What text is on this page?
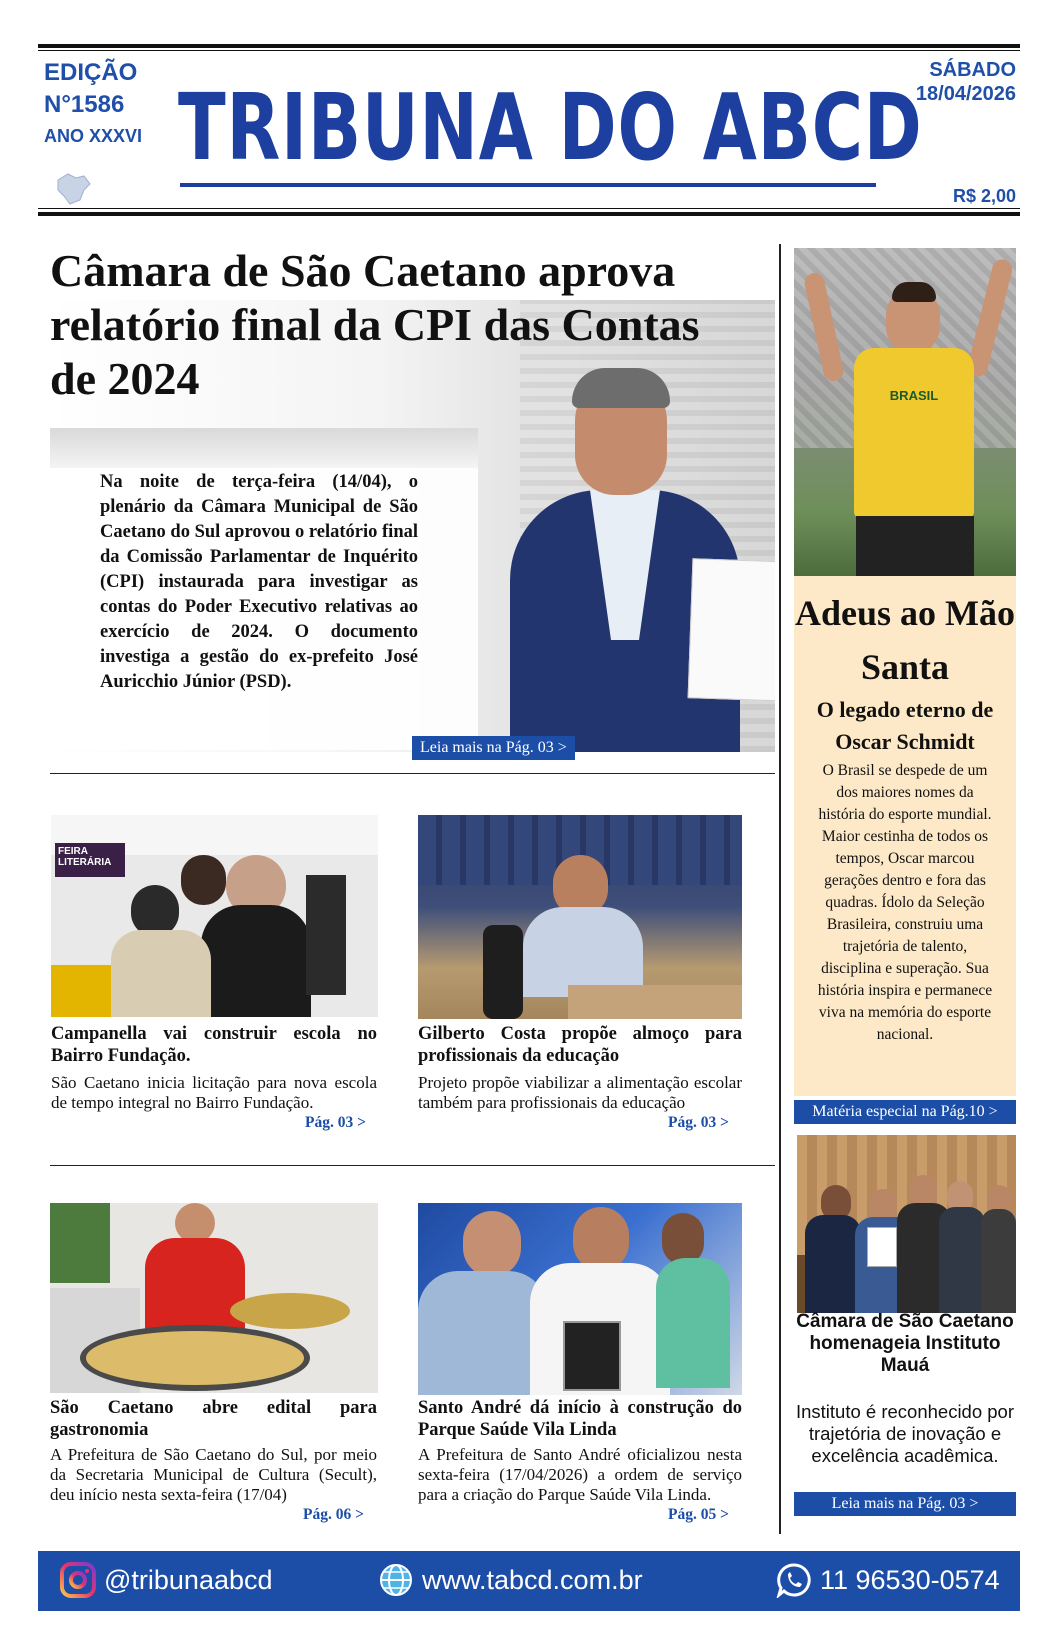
EDIÇÃO
N°1586
ANO XXXVI TRIBUNA DO ABCD
SÁBADO
18/04/2026
R$ 2,00
Câmara de São Caetano aprova relatório final da CPI das Contas de 2024
Na noite de terça-feira (14/04), o plenário da Câmara Municipal de São Caetano do Sul aprovou o relatório final da Comissão Parlamentar de Inquérito (CPI) instaurada para investigar as contas do Poder Executivo relativas ao exercício de 2024. O documento investiga a gestão do ex-prefeito José Auricchio Júnior (PSD).
Leia mais na Pág. 03 >
FEIRA LITERÁRIA
Campanella vai construir escola no Bairro Fundação.
São Caetano inicia licitação para nova escola de tempo integral no Bairro Fundação.
Pág. 03 >
Gilberto Costa propõe almoço para profissionais da educação
Projeto propõe viabilizar a alimentação escolar também para profissionais da educação
Pág. 03 >
São Caetano abre edital para gastronomia
A Prefeitura de São Caetano do Sul, por meio da Secretaria Municipal de Cultura (Secult), deu início nesta sexta-feira (17/04)
Pág. 06 >
Santo André dá início à construção do Parque Saúde Vila Linda
A Prefeitura de Santo André oficializou nesta sexta-feira (17/04/2026) a ordem de serviço para a criação do Parque Saúde Vila Linda.
Pág. 05 >
BRASIL
Adeus ao Mão Santa
O legado eterno de Oscar Schmidt
O Brasil se despede de um dos maiores nomes da história do esporte mundial. Maior cestinha de todos os tempos, Oscar marcou gerações dentro e fora das quadras. Ídolo da Seleção Brasileira, construiu uma trajetória de talento, disciplina e superação. Sua história inspira e permanece viva na memória do esporte nacional.
Matéria especial na Pág.10 >
Câmara de São Caetano homenageia Instituto Mauá
Instituto é reconhecido por trajetória de inovação e excelência acadêmica.
Leia mais na Pág. 03 >
@tribunaabcd	www.tabcd.com.br	11 96530-0574
